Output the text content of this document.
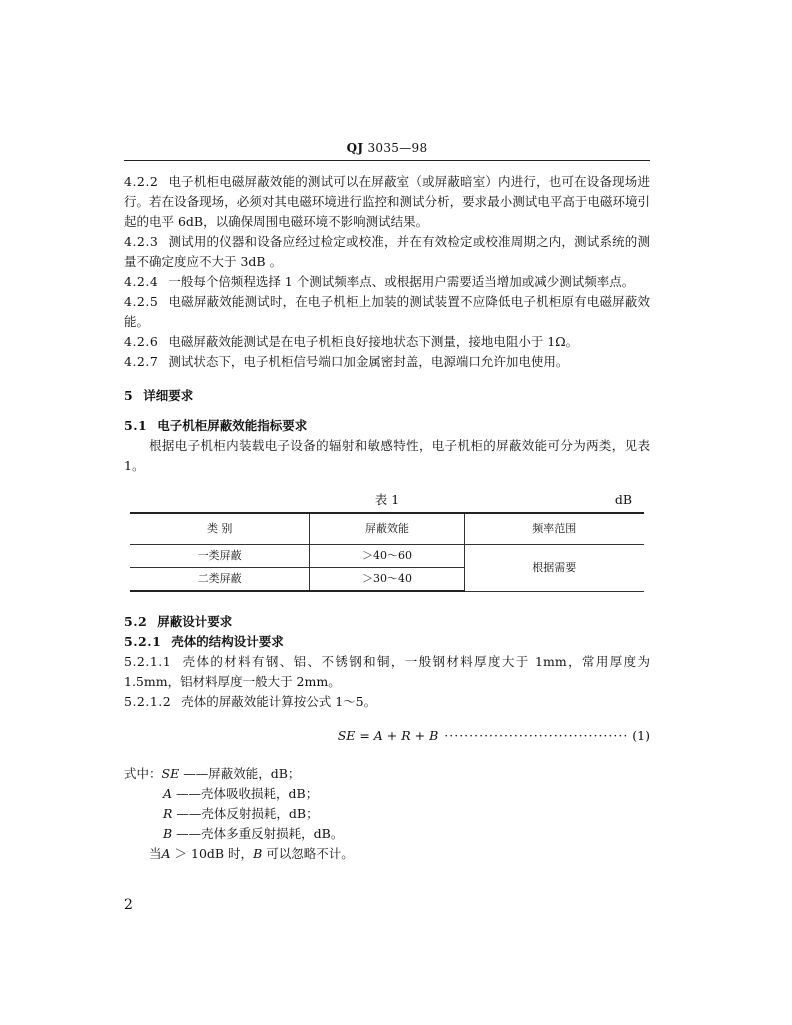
QJ 3035—98

4.2.2 电子机柜电磁屏蔽效能的测试可以在屏蔽室（或屏蔽暗室）内进行，也可在设备现场进行。若在设备现场，必须对其电磁环境进行监控和测试分析，要求最小测试电平高于电磁环境引起的电平 6dB，以确保周围电磁环境不影响测试结果。

4.2.3 测试用的仪器和设备应经过检定或校准，并在有效检定或校准周期之内，测试系统的测量不确定度应不大于 3dB 。

4.2.4 一般每个倍频程选择 1 个测试频率点、或根据用户需要适当增加或减少测试频率点。

4.2.5 电磁屏蔽效能测试时，在电子机柜上加装的测试装置不应降低电子机柜原有电磁屏蔽效能。

4.2.6 电磁屏蔽效能测试是在电子机柜良好接地状态下测量，接地电阻小于 1Ω。

4.2.7 测试状态下，电子机柜信号端口加金属密封盖，电源端口允许加电使用。

5 详细要求

5.1 电子机柜屏蔽效能指标要求

根据电子机柜内装载电子设备的辐射和敏感特性，电子机柜的屏蔽效能可分为两类，见表 1。

表 1	dB
类 别	屏蔽效能	频率范围
一类屏蔽	＞40～60	根据需要
二类屏蔽	＞30～40	

5.2 屏蔽设计要求

5.2.1 壳体的结构设计要求

5.2.1.1 壳体的材料有钢、铝、不锈钢和铜，一般钢材料厚度大于 1mm，常用厚度为 1.5mm，铝材料厚度一般大于 2mm。

5.2.1.2 壳体的屏蔽效能计算按公式 1～5。

SE = A + R + B ····································· (1)

式中：SE ——屏蔽效能，dB；

A ——壳体吸收损耗，dB；

R ——壳体反射损耗，dB；

B ——壳体多重反射损耗，dB。

当A ＞ 10dB 时，B 可以忽略不计。

2
